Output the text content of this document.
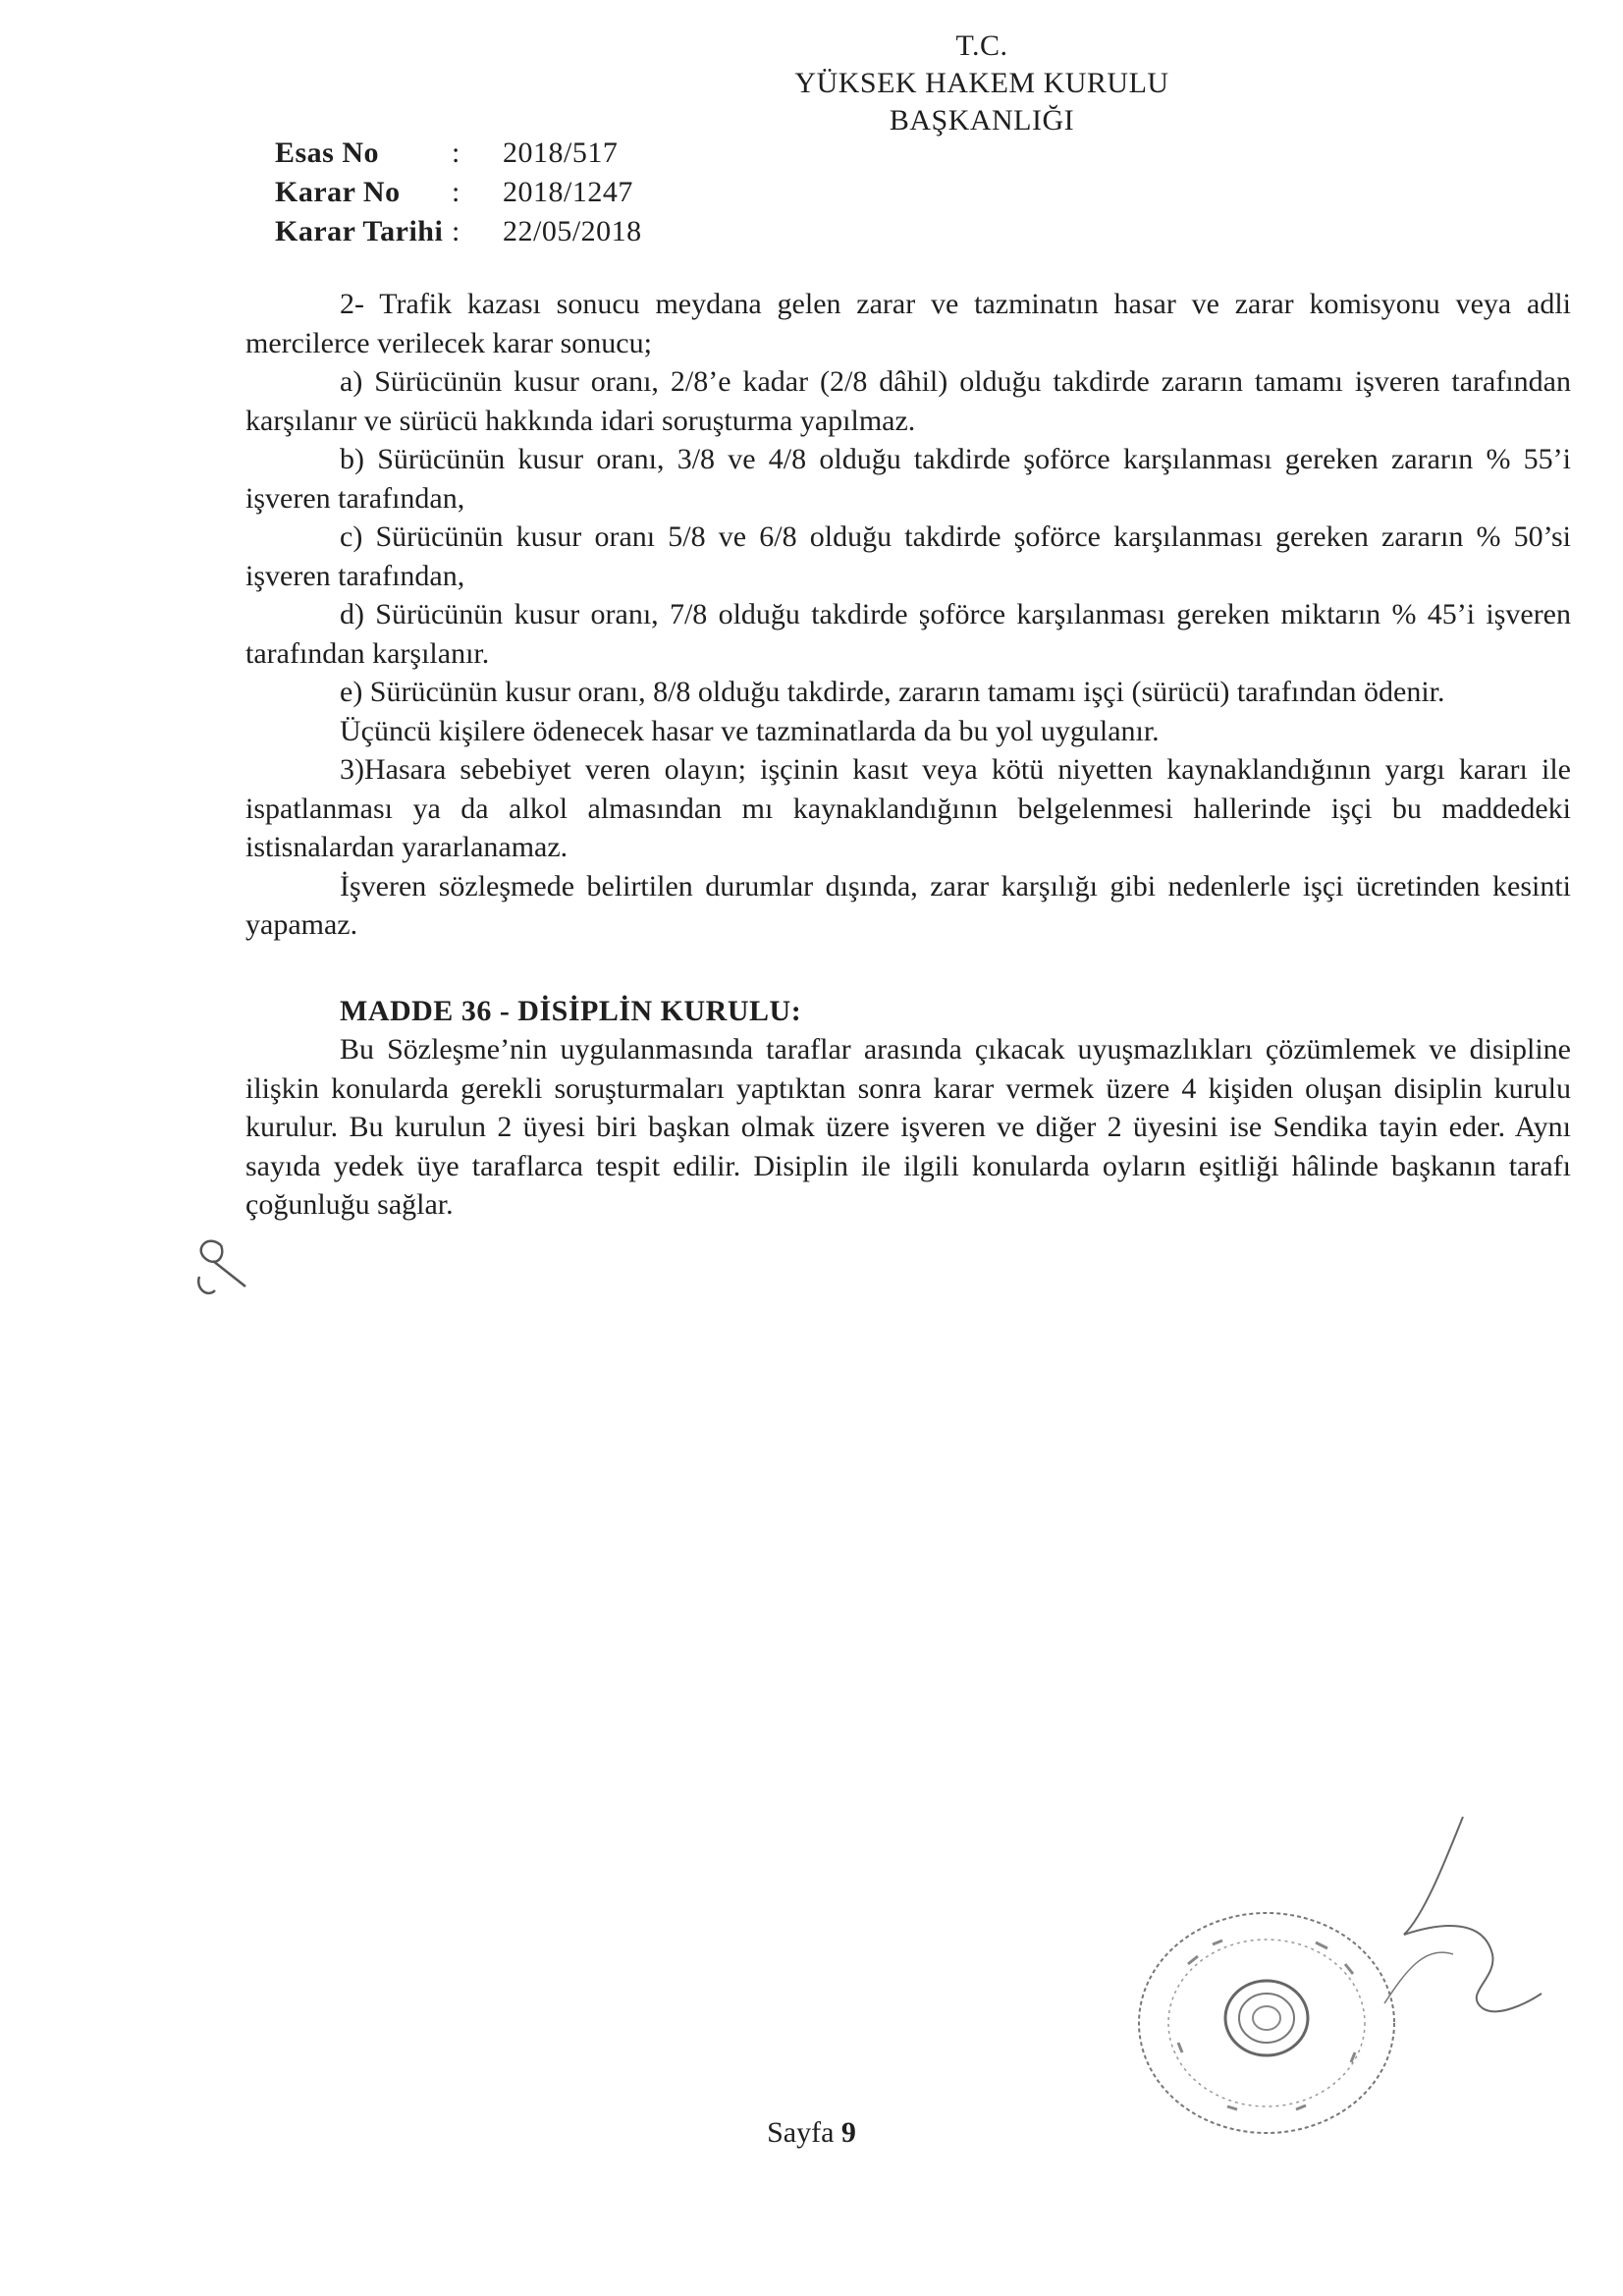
T.C.
YÜKSEK HAKEM KURULU
BAŞKANLIĞI
Esas No	:	2018/517
Karar No	:	2018/1247
Karar Tarihi :	22/05/2018

2- Trafik kazası sonucu meydana gelen zarar ve tazminatın hasar ve zarar komisyonu veya adli mercilerce verilecek karar sonucu;

a) Sürücünün kusur oranı, 2/8’e kadar (2/8 dâhil) olduğu takdirde zararın tamamı işveren tarafından karşılanır ve sürücü hakkında idari soruşturma yapılmaz.

b) Sürücünün kusur oranı, 3/8 ve 4/8 olduğu takdirde şoförce karşılanması gereken zararın % 55’i işveren tarafından,

c) Sürücünün kusur oranı 5/8 ve 6/8 olduğu takdirde şoförce karşılanması gereken zararın % 50’si işveren tarafından,

d) Sürücünün kusur oranı, 7/8 olduğu takdirde şoförce karşılanması gereken miktarın % 45’i işveren tarafından karşılanır.

e) Sürücünün kusur oranı, 8/8 olduğu takdirde, zararın tamamı işçi (sürücü) tarafından ödenir.

Üçüncü kişilere ödenecek hasar ve tazminatlarda da bu yol uygulanır.

3)Hasara sebebiyet veren olayın; işçinin kasıt veya kötü niyetten kaynaklandığının yargı kararı ile ispatlanması ya da alkol almasından mı kaynaklandığının belgelenmesi hallerinde işçi bu maddedeki istisnalardan yararlanamaz.

İşveren sözleşmede belirtilen durumlar dışında, zarar karşılığı gibi nedenlerle işçi ücretinden kesinti yapamaz.

MADDE 36 - DİSİPLİN KURULU:

Bu Sözleşme’nin uygulanmasında taraflar arasında çıkacak uyuşmazlıkları çözümlemek ve disipline ilişkin konularda gerekli soruşturmaları yaptıktan sonra karar vermek üzere 4 kişiden oluşan disiplin kurulu kurulur. Bu kurulun 2 üyesi biri başkan olmak üzere işveren ve diğer 2 üyesini ise Sendika tayin eder. Aynı sayıda yedek üye taraflarca tespit edilir. Disiplin ile ilgili konularda oyların eşitliği hâlinde başkanın tarafı çoğunluğu sağlar.

Sayfa 9
